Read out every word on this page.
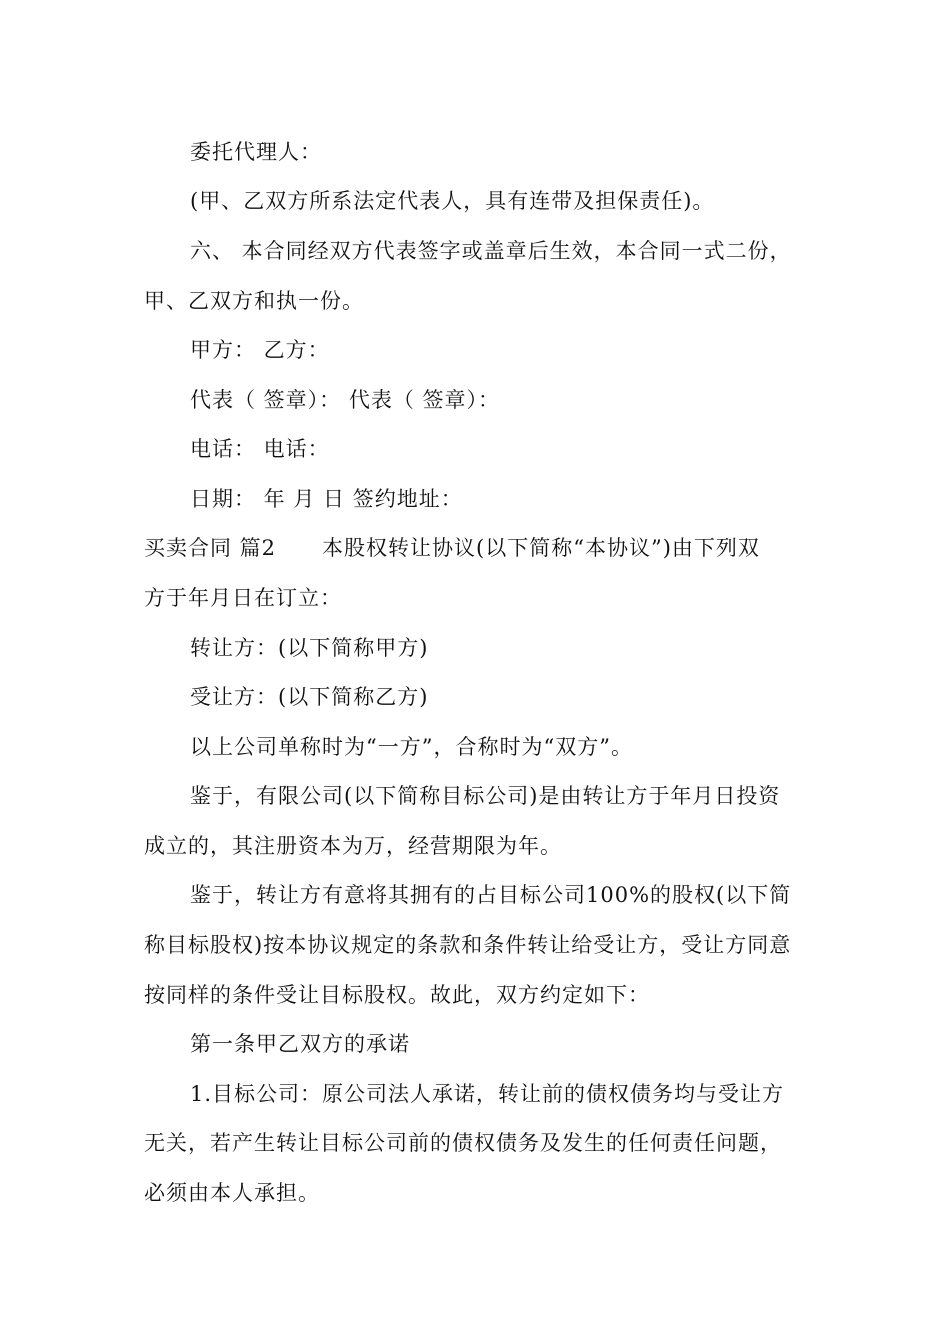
委托代理人：
(甲、乙双方所系法定代表人，具有连带及担保责任)。
六、 本合同经双方代表签字或盖章后生效，本合同一式二份，
甲、乙双方和执一份。
甲方： 乙方：
代表（ 签章）： 代表（ 签章）：
电话： 电话：
日期： 年 月 日 签约地址：
买卖合同 篇2 本股权转让协议(以下简称“本协议”)由下列双
方于年月日在订立：
转让方：(以下简称甲方)
受让方：(以下简称乙方)
以上公司单称时为“一方”，合称时为“双方”。
鉴于，有限公司(以下简称目标公司)是由转让方于年月日投资
成立的，其注册资本为万，经营期限为年。
鉴于，转让方有意将其拥有的占目标公司100%的股权(以下简
称目标股权)按本协议规定的条款和条件转让给受让方，受让方同意
按同样的条件受让目标股权。故此，双方约定如下：
第一条甲乙双方的承诺
1.目标公司：原公司法人承诺，转让前的债权债务均与受让方
无关，若产生转让目标公司前的债权债务及发生的任何责任问题，
必须由本人承担。
